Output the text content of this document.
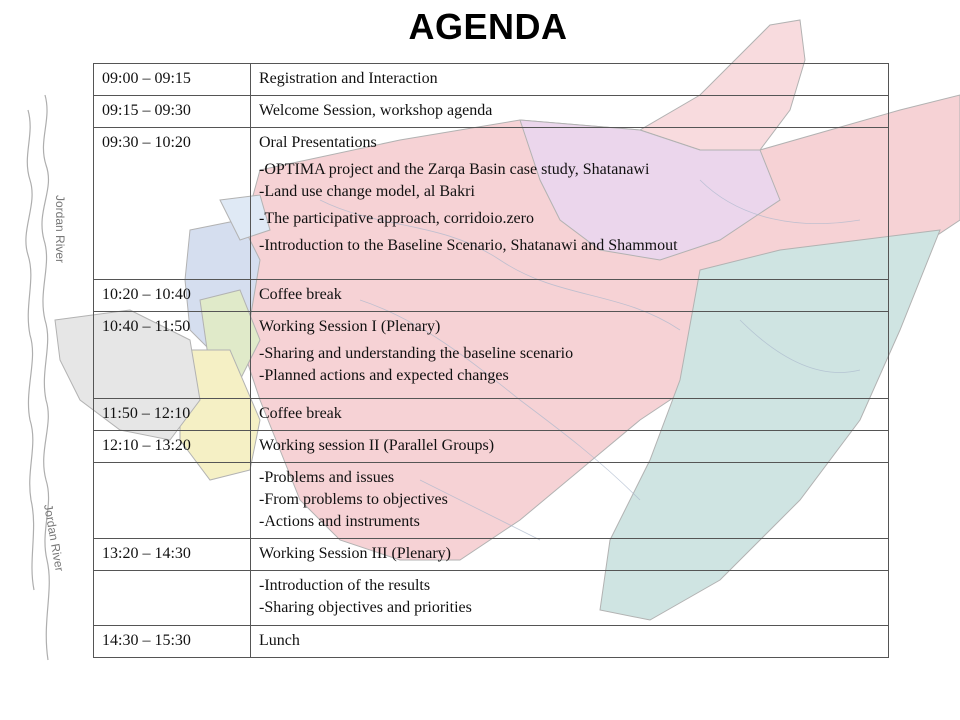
Jordan River
Jordan River
AGENDA
09:00 – 09:15	Registration and Interaction

09:15 – 09:30	Welcome Session, workshop agenda

09:30 – 10:20	Oral Presentations
-OPTIMA project and the Zarqa Basin case study, Shatanawi
-Land use change model, al Bakri
-The participative approach, corridoio.zero
-Introduction to the Baseline Scenario, Shatanawi and Shammout

10:20 – 10:40	Coffee break

10:40 – 11:50	Working Session I (Plenary)
-Sharing and understanding the baseline scenario
-Planned actions and expected changes

11:50 – 12:10	Coffee break

12:10 – 13:20	Working session II (Parallel Groups)

	-Problems and issues
-From problems to objectives
-Actions and instruments

13:20 – 14:30	Working Session III (Plenary)

	-Introduction of the results
-Sharing objectives and priorities

14:30 – 15:30	Lunch
